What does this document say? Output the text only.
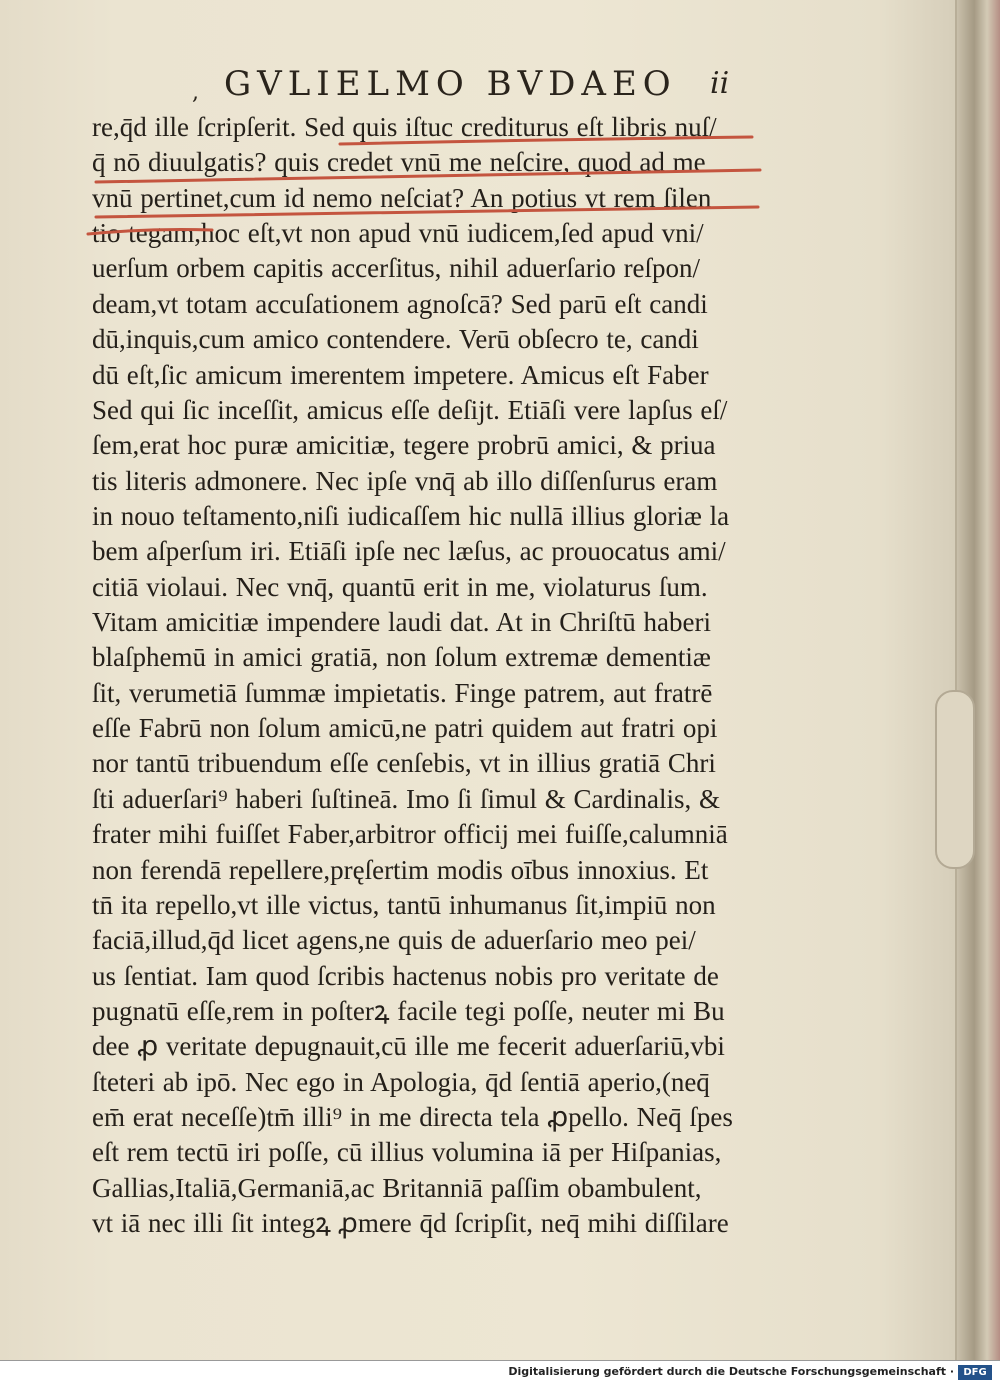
, GVLIELMO BVDAEO ii
re,q̄d ille ſcripſerit. Sed quis iſtuc crediturus eſt libris nuſ/
q̄ nō diuulgatis? quis credet vnū me neſcire, quod ad me
vnū pertinet,cum id nemo neſciat? An potius vt rem ſilen
tio tegam,hoc eſt,vt non apud vnū iudicem,ſed apud vni/
uerſum orbem capitis accerſitus, nihil aduerſario reſpon/
deam,vt totam accuſationem agnoſcā? Sed parū eſt candi
dū,inquis,cum amico contendere. Verū obſecro te, candi
dū eſt,ſic amicum imerentem impetere. Amicus eſt Faber
Sed qui ſic inceſſit, amicus eſſe deſijt. Etiāſi vere lapſus eſ/
ſem,erat hoc puræ amicitiæ, tegere probrū amici, & priua
tis literis admonere. Nec ipſe vnq̄ ab illo diſſenſurus eram
in nouo teſtamento,niſi iudicaſſem hic nullā illius gloriæ la
bem aſperſum iri. Etiāſi ipſe nec læſus, ac prouocatus ami/
citiā violaui. Nec vnq̄, quantū erit in me, violaturus ſum.
Vitam amicitiæ impendere laudi dat. At in Chriſtū haberi
blaſphemū in amici gratiā, non ſolum extremæ dementiæ
ſit, verumetiā ſummæ impietatis. Finge patrem, aut fratrē
eſſe Fabrū non ſolum amicū,ne patri quidem aut fratri opi
nor tantū tribuendum eſſe cenſebis, vt in illius gratiā Chri
ſti aduerſari⁹ haberi ſuſtineā. Imo ſi ſimul & Cardinalis, &
frater mihi fuiſſet Faber,arbitror officij mei fuiſſe,calumniā
non ferendā repellere,pręſertim modis oībus innoxius. Et
tn̄ ita repello,vt ille victus, tantū inhumanus ſit,impiū non
faciā,illud,q̄d licet agens,ne quis de aduerſario meo pei/
us ſentiat. Iam quod ſcribis hactenus nobis pro veritate de
pugnatū eſſe,rem in poſterꝝ facile tegi poſſe, neuter mi Bu
dee ꝓ veritate depugnauit,cū ille me fecerit aduerſariū,vbi
ſteteri ab ipō. Nec ego in Apologia, q̄d ſentiā aperio,(neq̄
em̄ erat neceſſe)tm̄ illi⁹ in me directa tela ꝓpello. Neq̄ ſpes
eſt rem tectū iri poſſe, cū illius volumina iā per Hiſpanias,
Gallias,Italiā,Germaniā,ac Britanniā paſſim obambulent,
vt iā nec illi ſit integꝝ ꝓmere q̄d ſcripſit, neq̄ mihi diſſilare
Digitalisierung gefördert durch die Deutsche Forschungsgemeinschaft · DFG
